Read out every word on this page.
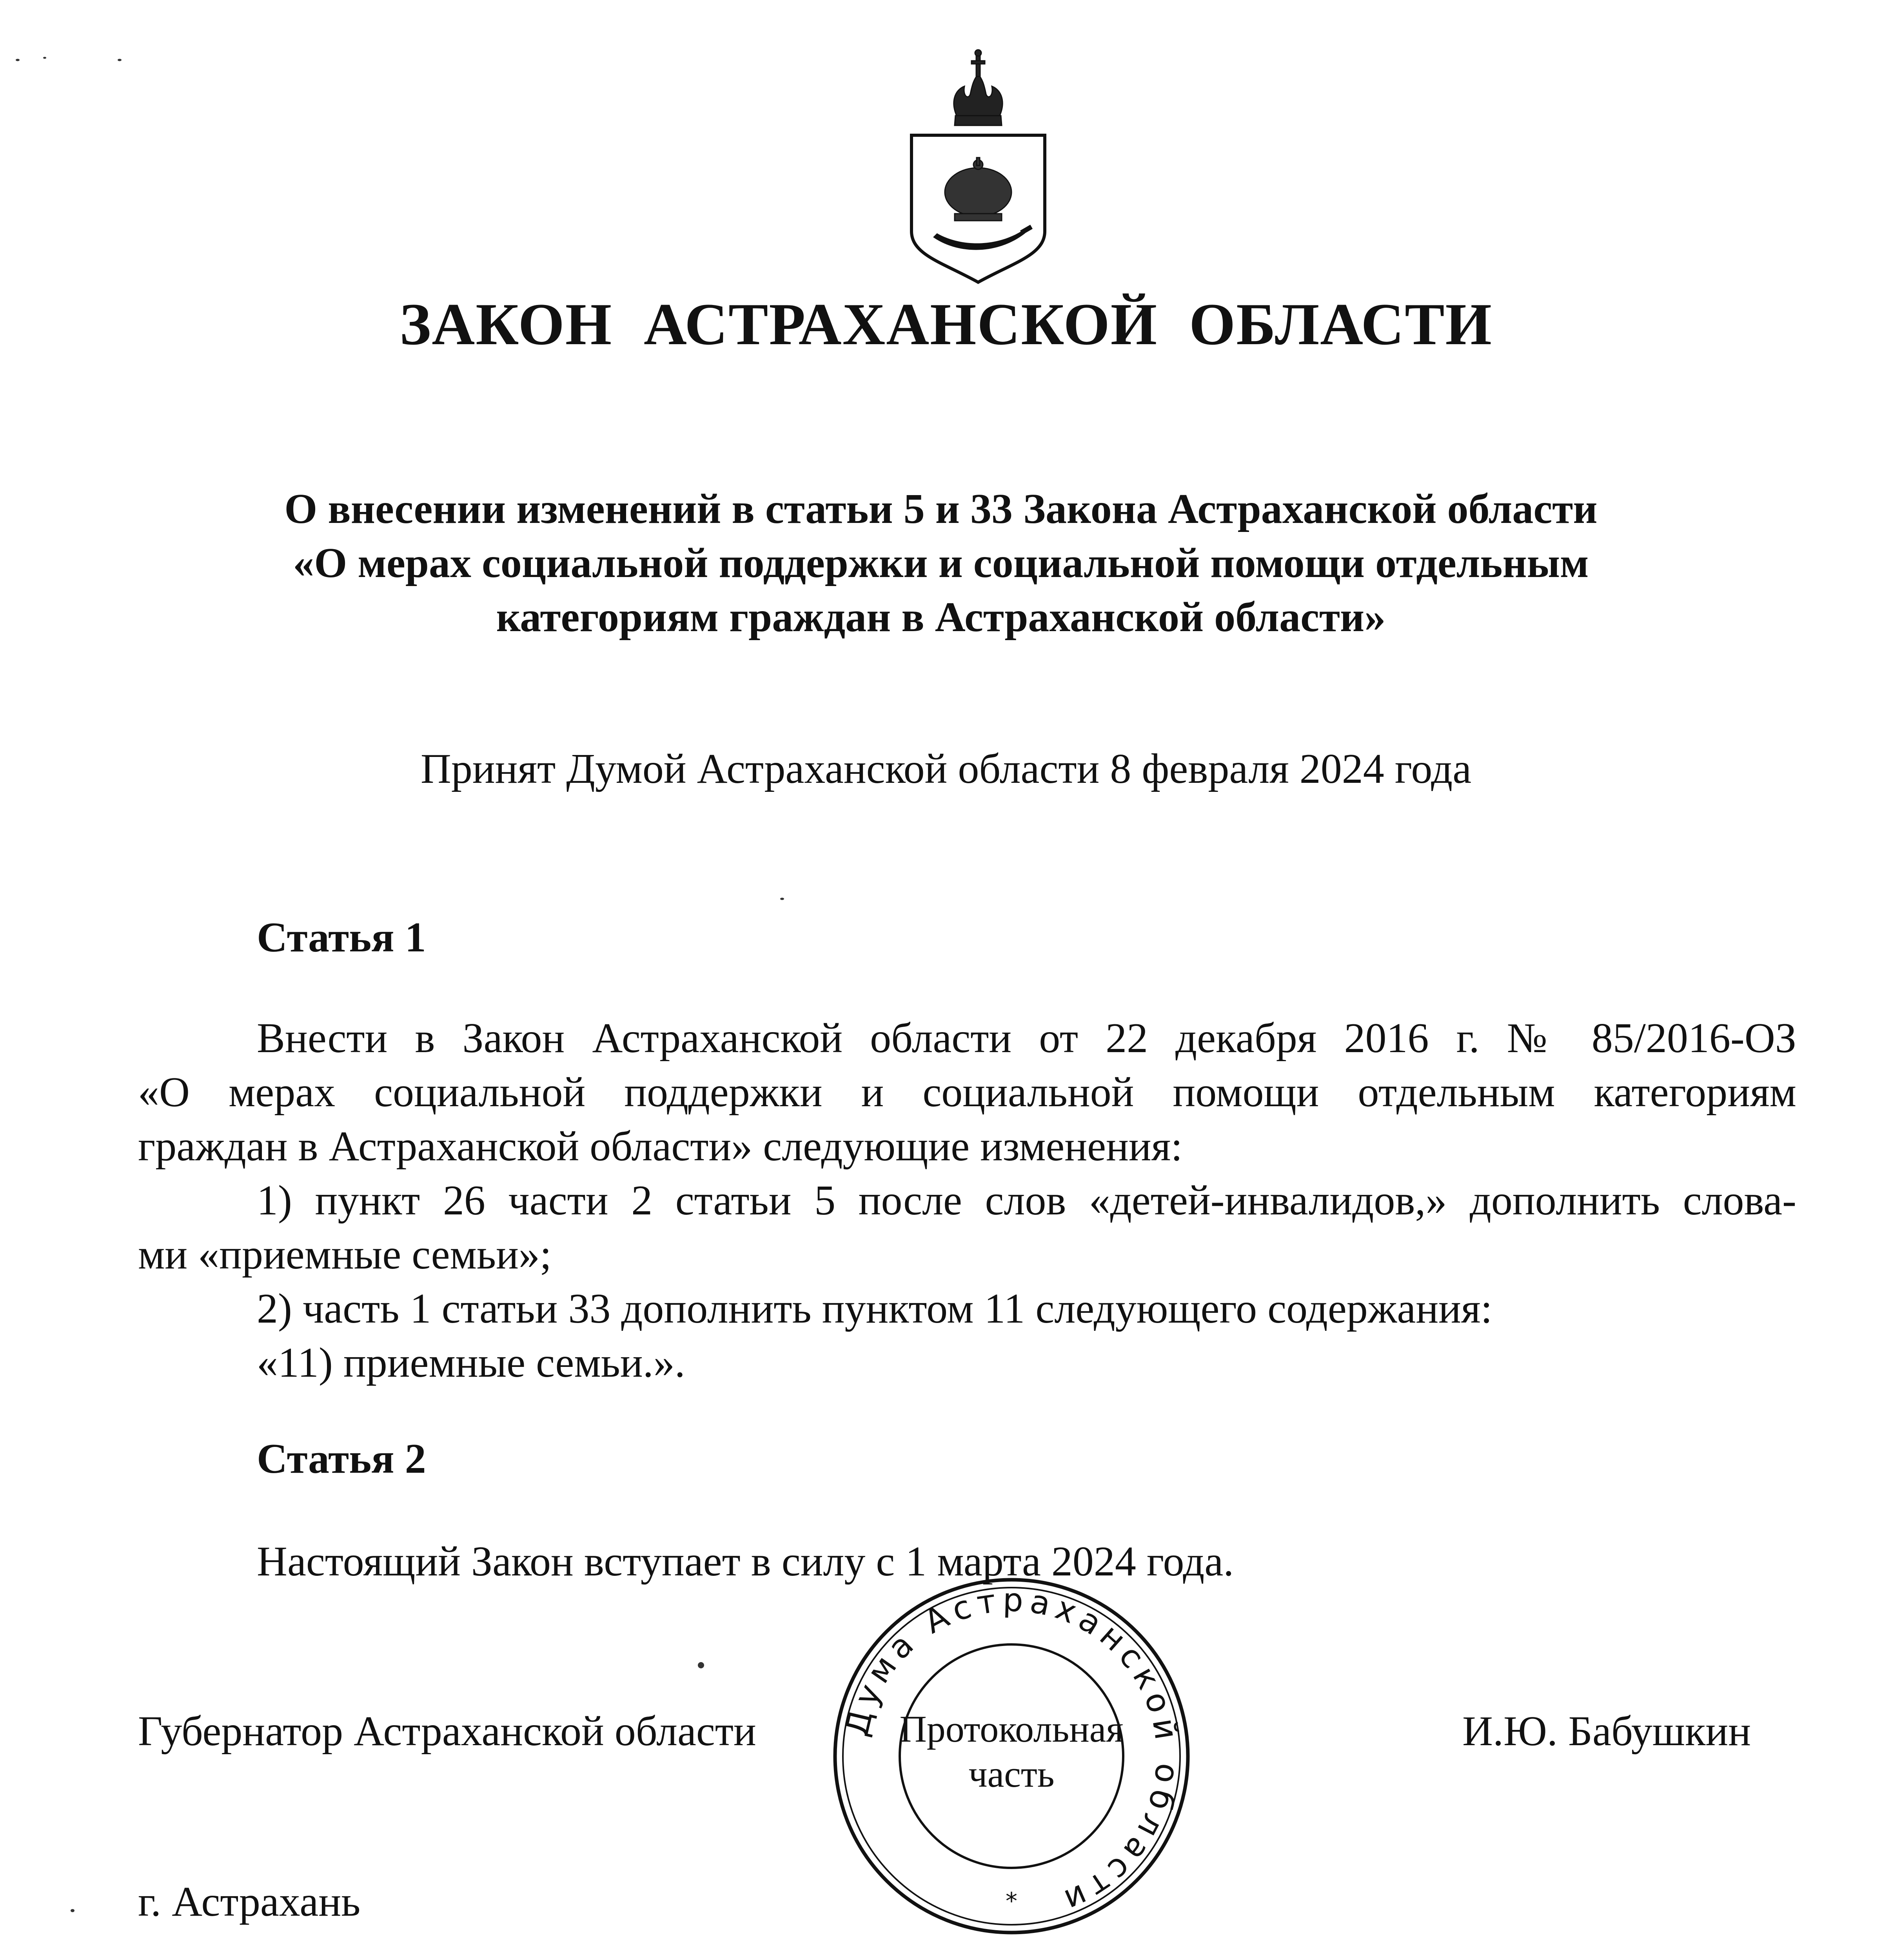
ЗАКОН  АСТРАХАНСКОЙ  ОБЛАСТИ
О внесении изменений в статьи 5 и 33 Закона Астраханской области
«О мерах социальной поддержки и социальной помощи отдельным
категориям граждан в Астраханской области»
Принят Думой Астраханской области 8 февраля 2024 года
Статья 1
Внести в Закон Астраханской области от 22 декабря 2016 г. № 85/2016-ОЗ
«О мерах социальной поддержки и социальной помощи отдельным категориям
граждан в Астраханской области» следующие изменения:
1) пункт 26 части 2 статьи 5 после слов «детей-инвалидов,» дополнить слова-
ми «приемные семьи»;
2) часть 1 статьи 33 дополнить пунктом 11 следующего содержания:
«11) приемные семьи.».
Статья 2
Настоящий Закон вступает в силу с 1 марта 2024 года.
Дума Астраханской области
*
Протокольная
часть
Губернатор Астраханской области	И.Ю. Бабушкин
г. Астрахань
